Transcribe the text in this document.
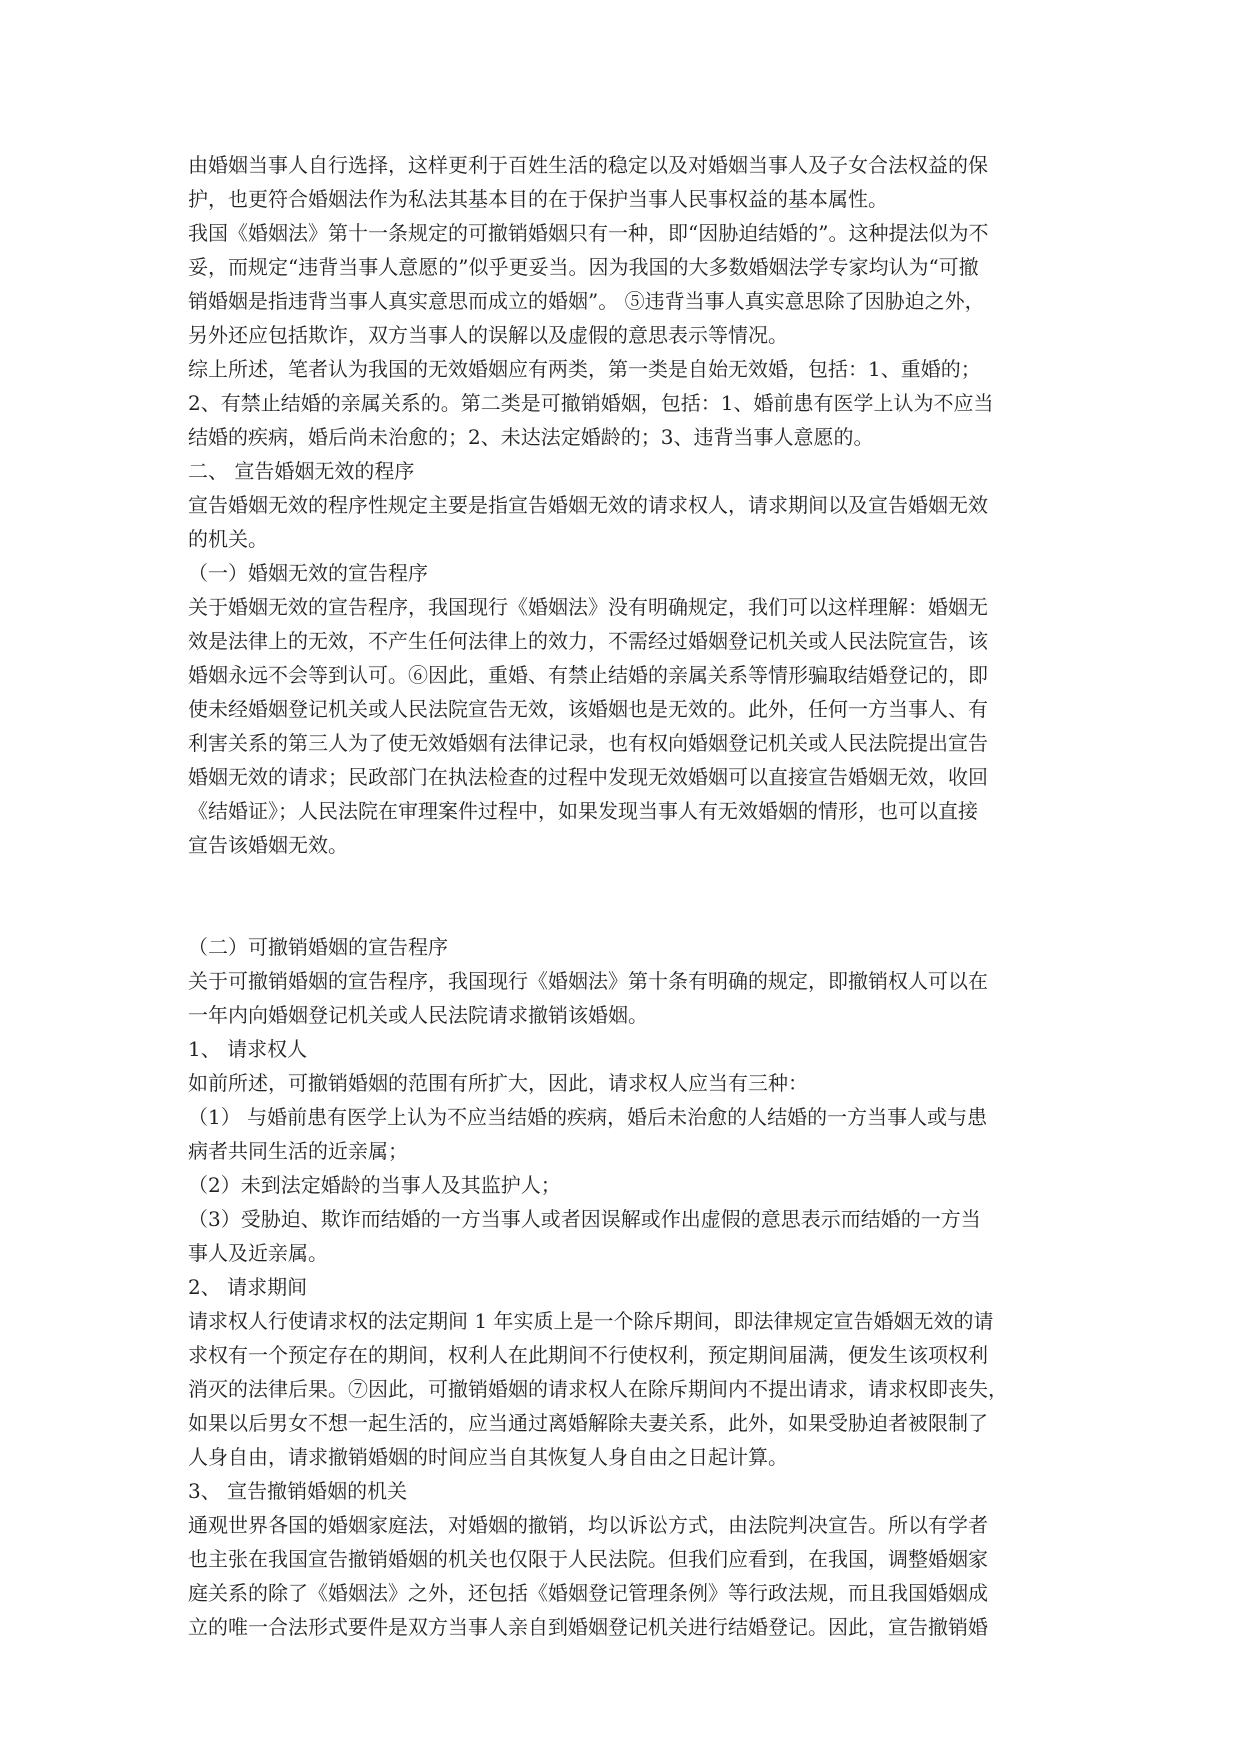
由婚姻当事人自行选择，这样更利于百姓生活的稳定以及对婚姻当事人及子女合法权益的保
护，也更符合婚姻法作为私法其基本目的在于保护当事人民事权益的基本属性。
我国《婚姻法》第十一条规定的可撤销婚姻只有一种，即“因胁迫结婚的”。这种提法似为不
妥，而规定“违背当事人意愿的”似乎更妥当。因为我国的大多数婚姻法学专家均认为“可撤
销婚姻是指违背当事人真实意思而成立的婚姻”。 ⑤违背当事人真实意思除了因胁迫之外，
另外还应包括欺诈，双方当事人的误解以及虚假的意思表示等情况。
综上所述，笔者认为我国的无效婚姻应有两类，第一类是自始无效婚，包括：1、重婚的；
2、有禁止结婚的亲属关系的。第二类是可撤销婚姻，包括：1、婚前患有医学上认为不应当
结婚的疾病，婚后尚未治愈的；2、未达法定婚龄的；3、违背当事人意愿的。
二、 宣告婚姻无效的程序
宣告婚姻无效的程序性规定主要是指宣告婚姻无效的请求权人，请求期间以及宣告婚姻无效
的机关。
（一）婚姻无效的宣告程序
关于婚姻无效的宣告程序，我国现行《婚姻法》没有明确规定，我们可以这样理解：婚姻无
效是法律上的无效，不产生任何法律上的效力，不需经过婚姻登记机关或人民法院宣告，该
婚姻永远不会等到认可。⑥因此，重婚、有禁止结婚的亲属关系等情形骗取结婚登记的，即
使未经婚姻登记机关或人民法院宣告无效，该婚姻也是无效的。此外，任何一方当事人、有
利害关系的第三人为了使无效婚姻有法律记录，也有权向婚姻登记机关或人民法院提出宣告
婚姻无效的请求；民政部门在执法检查的过程中发现无效婚姻可以直接宣告婚姻无效，收回
《结婚证》；人民法院在审理案件过程中，如果发现当事人有无效婚姻的情形，也可以直接
宣告该婚姻无效。
（二）可撤销婚姻的宣告程序
关于可撤销婚姻的宣告程序，我国现行《婚姻法》第十条有明确的规定，即撤销权人可以在
一年内向婚姻登记机关或人民法院请求撤销该婚姻。
1、 请求权人
如前所述，可撤销婚姻的范围有所扩大，因此，请求权人应当有三种：
（1） 与婚前患有医学上认为不应当结婚的疾病，婚后未治愈的人结婚的一方当事人或与患
病者共同生活的近亲属；
（2）未到法定婚龄的当事人及其监护人；
（3）受胁迫、欺诈而结婚的一方当事人或者因误解或作出虚假的意思表示而结婚的一方当
事人及近亲属。
2、 请求期间
请求权人行使请求权的法定期间 1 年实质上是一个除斥期间，即法律规定宣告婚姻无效的请
求权有一个预定存在的期间，权利人在此期间不行使权利，预定期间届满，便发生该项权利
消灭的法律后果。⑦因此，可撤销婚姻的请求权人在除斥期间内不提出请求，请求权即丧失，
如果以后男女不想一起生活的，应当通过离婚解除夫妻关系，此外，如果受胁迫者被限制了
人身自由，请求撤销婚姻的时间应当自其恢复人身自由之日起计算。
3、 宣告撤销婚姻的机关
通观世界各国的婚姻家庭法，对婚姻的撤销，均以诉讼方式，由法院判决宣告。所以有学者
也主张在我国宣告撤销婚姻的机关也仅限于人民法院。但我们应看到，在我国，调整婚姻家
庭关系的除了《婚姻法》之外，还包括《婚姻登记管理条例》等行政法规，而且我国婚姻成
立的唯一合法形式要件是双方当事人亲自到婚姻登记机关进行结婚登记。因此，宣告撤销婚
